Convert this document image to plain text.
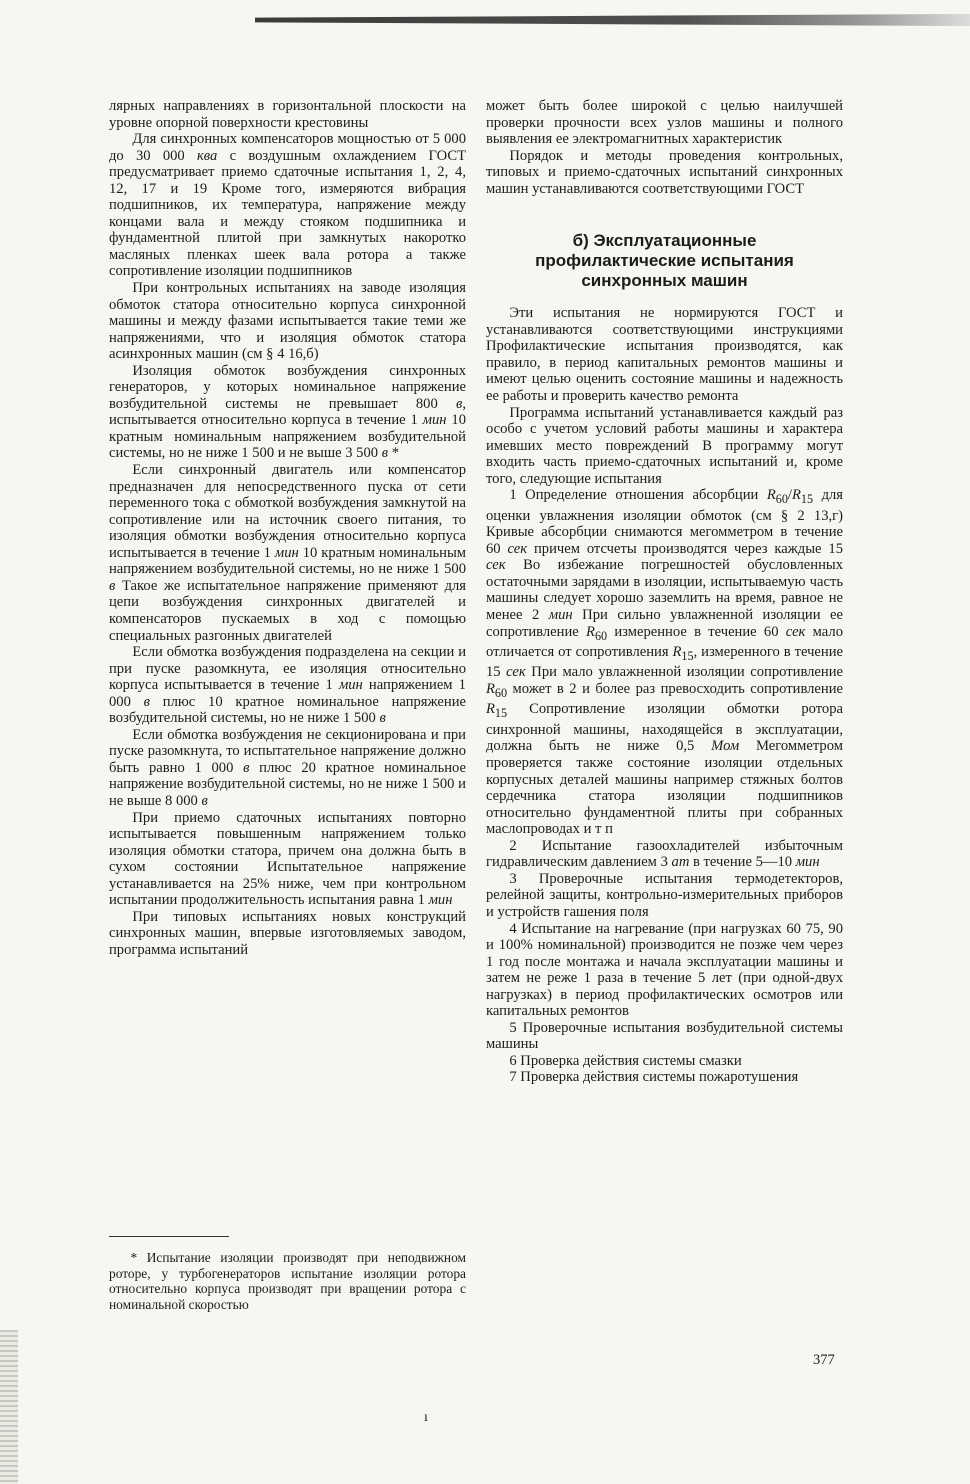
лярных направлениях в горизонтальной плоскости на уровне опорной поверхности крестовины

Для синхронных компенсаторов мощностью от 5 000 до 30 000 ква с воздушным охлаждением ГОСТ предусматривает приемо сдаточные испытания 1, 2, 4, 12, 17 и 19 Кроме того, измеряются вибрация подшипников, их температура, напряжение между концами вала и между стояком подшипника и фундаментной плитой при замкнутых накоротко масляных пленках шеек вала ротора а также сопротивление изоляции подшипников

При контрольных испытаниях на заводе изоляция обмоток статора относительно корпуса синхронной машины и между фазами испытывается такие теми же напряжениями, что и изоляция обмоток статора асинхронных машин (см § 4 16,б)

Изоляция обмоток возбуждения синхронных генераторов, у которых номинальное напряжение возбудительной системы не превышает 800 в, испытывается относительно корпуса в течение 1 мин 10 кратным номинальным напряжением возбудительной системы, но не ниже 1 500 и не выше 3 500 в *

Если синхронный двигатель или компенсатор предназначен для непосредственного пуска от сети переменного тока с обмоткой возбуждения замкнутой на сопротивление или на источник своего питания, то изоляция обмотки возбуждения относительно корпуса испытывается в течение 1 мин 10 кратным номинальным напряжением возбудительной системы, но не ниже 1 500 в Такое же испытательное напряжение применяют для цепи возбуждения синхронных двигателей и компенсаторов пускаемых в ход с помощью специальных разгонных двигателей

Если обмотка возбуждения подразделена на секции и при пуске разомкнута, ее изоляция относительно корпуса испытывается в течение 1 мин напряжением 1 000 в плюс 10 кратное номинальное напряжение возбудительной системы, но не ниже 1 500 в

Если обмотка возбуждения не секционирована и при пуске разомкнута, то испытательное напряжение должно быть равно 1 000 в плюс 20 кратное номинальное напряжение возбудительной системы, но не ниже 1 500 и не выше 8 000 в

При приемо сдаточных испытаниях повторно испытывается повышенным напряжением только изоляция обмотки статора, причем она должна быть в сухом состоянии Испытательное напряжение устанавливается на 25% ниже, чем при контрольном испытании продолжительность испытания равна 1 мин

При типовых испытаниях новых конструкций синхронных машин, впервые изготовляемых заводом, программа испытаний

может быть более широкой с целью наилучшей проверки прочности всех узлов машины и полного выявления ее электромагнитных характеристик

Порядок и методы проведения контрольных, типовых и приемо-сдаточных испытаний синхронных машин устанавливаются соответствующими ГОСТ

б) Эксплуатационные профилактические испытания синхронных машин

Эти испытания не нормируются ГОСТ и устанавливаются соответствующими инструкциями Профилактические испытания производятся, как правило, в период капитальных ремонтов машины и имеют целью оценить состояние машины и надежность ее работы и проверить качество ремонта

Программа испытаний устанавливается каждый раз особо с учетом условий работы машины и характера имевших место повреждений В программу могут входить часть приемо-сдаточных испытаний и, кроме того, следующие испытания

1 Определение отношения абсорбции $R_{60}/R_{15}$ для оценки увлажнения изоляции обмоток (см § 2 13,г) Кривые абсорбции снимаются мегомметром в течение 60 сек причем отсчеты производятся через каждые 15 сек Во избежание погрешностей обусловленных остаточными зарядами в изоляции, испытываемую часть машины следует хорошо заземлить на время, равное не менее 2 мин При сильно увлажненной изоляции ее сопротивление $R_{60}$ измеренное в течение 60 сек мало отличается от сопротивления $R_{15}$, измеренного в течение 15 сек При мало увлажненной изоляции сопротивление $R_{60}$ может в 2 и более раз превосходить сопротивление $R_{15}$ Сопротивление изоляции обмотки ротора синхронной машины, находящейся в эксплуатации, должна быть не ниже 0,5 Мом Мегомметром проверяется также состояние изоляции отдельных корпусных деталей машины например стяжных болтов сердечника статора изоляции подшипников относительно фундаментной плиты при собранных маслопроводах и т п

2 Испытание газоохладителей избыточным гидравлическим давлением 3 ат в течение 5—10 мин

3 Проверочные испытания термодетекторов, релейной защиты, контрольно-измерительных приборов и устройств гашения поля

4 Испытание на нагревание (при нагрузках 60 75, 90 и 100% номинальной) производится не позже чем через 1 год после монтажа и начала эксплуатации машины и затем не реже 1 раза в течение 5 лет (при одной-двух нагрузках) в период профилактических осмотров или капитальных ремонтов

5 Проверочные испытания возбудительной системы машины

6 Проверка действия системы смазки

7 Проверка действия системы пожаротушения

* Испытание изоляции производят при неподвижном роторе, у турбогенераторов испытание изоляции ротора относительно корпуса производят при вращении ротора с номинальной скоростью

377
ı
